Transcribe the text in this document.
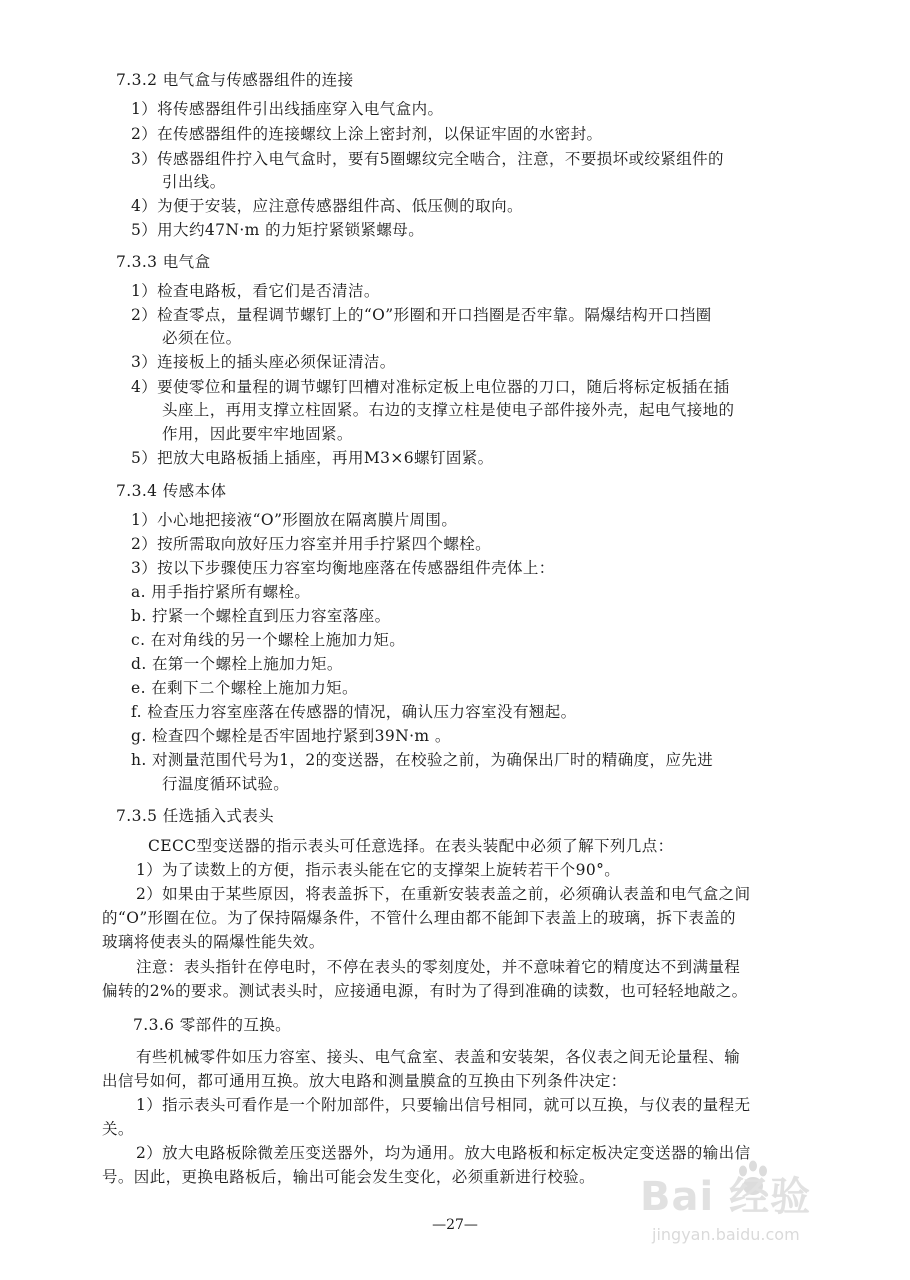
7.3.2 电气盒与传感器组件的连接
1）将传感器组件引出线插座穿入电气盒内。
2）在传感器组件的连接螺纹上涂上密封剂，以保证牢固的水密封。
3）传感器组件拧入电气盒时，要有5圈螺纹完全啮合，注意，不要损坏或绞紧组件的
引出线。
4）为便于安装，应注意传感器组件高、低压侧的取向。
5）用大约47N·m 的力矩拧紧锁紧螺母。
7.3.3 电气盒
1）检查电路板，看它们是否清洁。
2）检查零点，量程调节螺钉上的“O”形圈和开口挡圈是否牢靠。隔爆结构开口挡圈
必须在位。
3）连接板上的插头座必须保证清洁。
4）要使零位和量程的调节螺钉凹槽对准标定板上电位器的刀口，随后将标定板插在插
头座上，再用支撑立柱固紧。右边的支撑立柱是使电子部件接外壳，起电气接地的
作用，因此要牢牢地固紧。
5）把放大电路板插上插座，再用M3×6螺钉固紧。
7.3.4 传感本体
1）小心地把接液“O”形圈放在隔离膜片周围。
2）按所需取向放好压力容室并用手拧紧四个螺栓。
3）按以下步骤使压力容室均衡地座落在传感器组件壳体上：
a. 用手指拧紧所有螺栓。
b. 拧紧一个螺栓直到压力容室落座。
c. 在对角线的另一个螺栓上施加力矩。
d. 在第一个螺栓上施加力矩。
e. 在剩下二个螺栓上施加力矩。
f. 检查压力容室座落在传感器的情况，确认压力容室没有翘起。
g. 检查四个螺栓是否牢固地拧紧到39N·m 。
h. 对测量范围代号为1，2的变送器，在校验之前，为确保出厂时的精确度，应先进
行温度循环试验。
7.3.5 任选插入式表头
CECC型变送器的指示表头可任意选择。在表头装配中必须了解下列几点：
1）为了读数上的方便，指示表头能在它的支撑架上旋转若干个90°。
2）如果由于某些原因，将表盖拆下，在重新安装表盖之前，必须确认表盖和电气盒之间
的“O”形圈在位。为了保持隔爆条件，不管什么理由都不能卸下表盖上的玻璃，拆下表盖的
玻璃将使表头的隔爆性能失效。
注意：表头指针在停电时，不停在表头的零刻度处，并不意味着它的精度达不到满量程
偏转的2%的要求。测试表头时，应接通电源，有时为了得到准确的读数，也可轻轻地敲之。
7.3.6 零部件的互换。
有些机械零件如压力容室、接头、电气盒室、表盖和安装架，各仪表之间无论量程、输
出信号如何，都可通用互换。放大电路和测量膜盒的互换由下列条件决定：
1）指示表头可看作是一个附加部件，只要输出信号相同，就可以互换，与仪表的量程无
关。
2）放大电路板除微差压变送器外，均为通用。放大电路板和标定板决定变送器的输出信
号。因此，更换电路板后，输出可能会发生变化，必须重新进行校验。
—27—
Bai 经验
jingyan.baidu.com
